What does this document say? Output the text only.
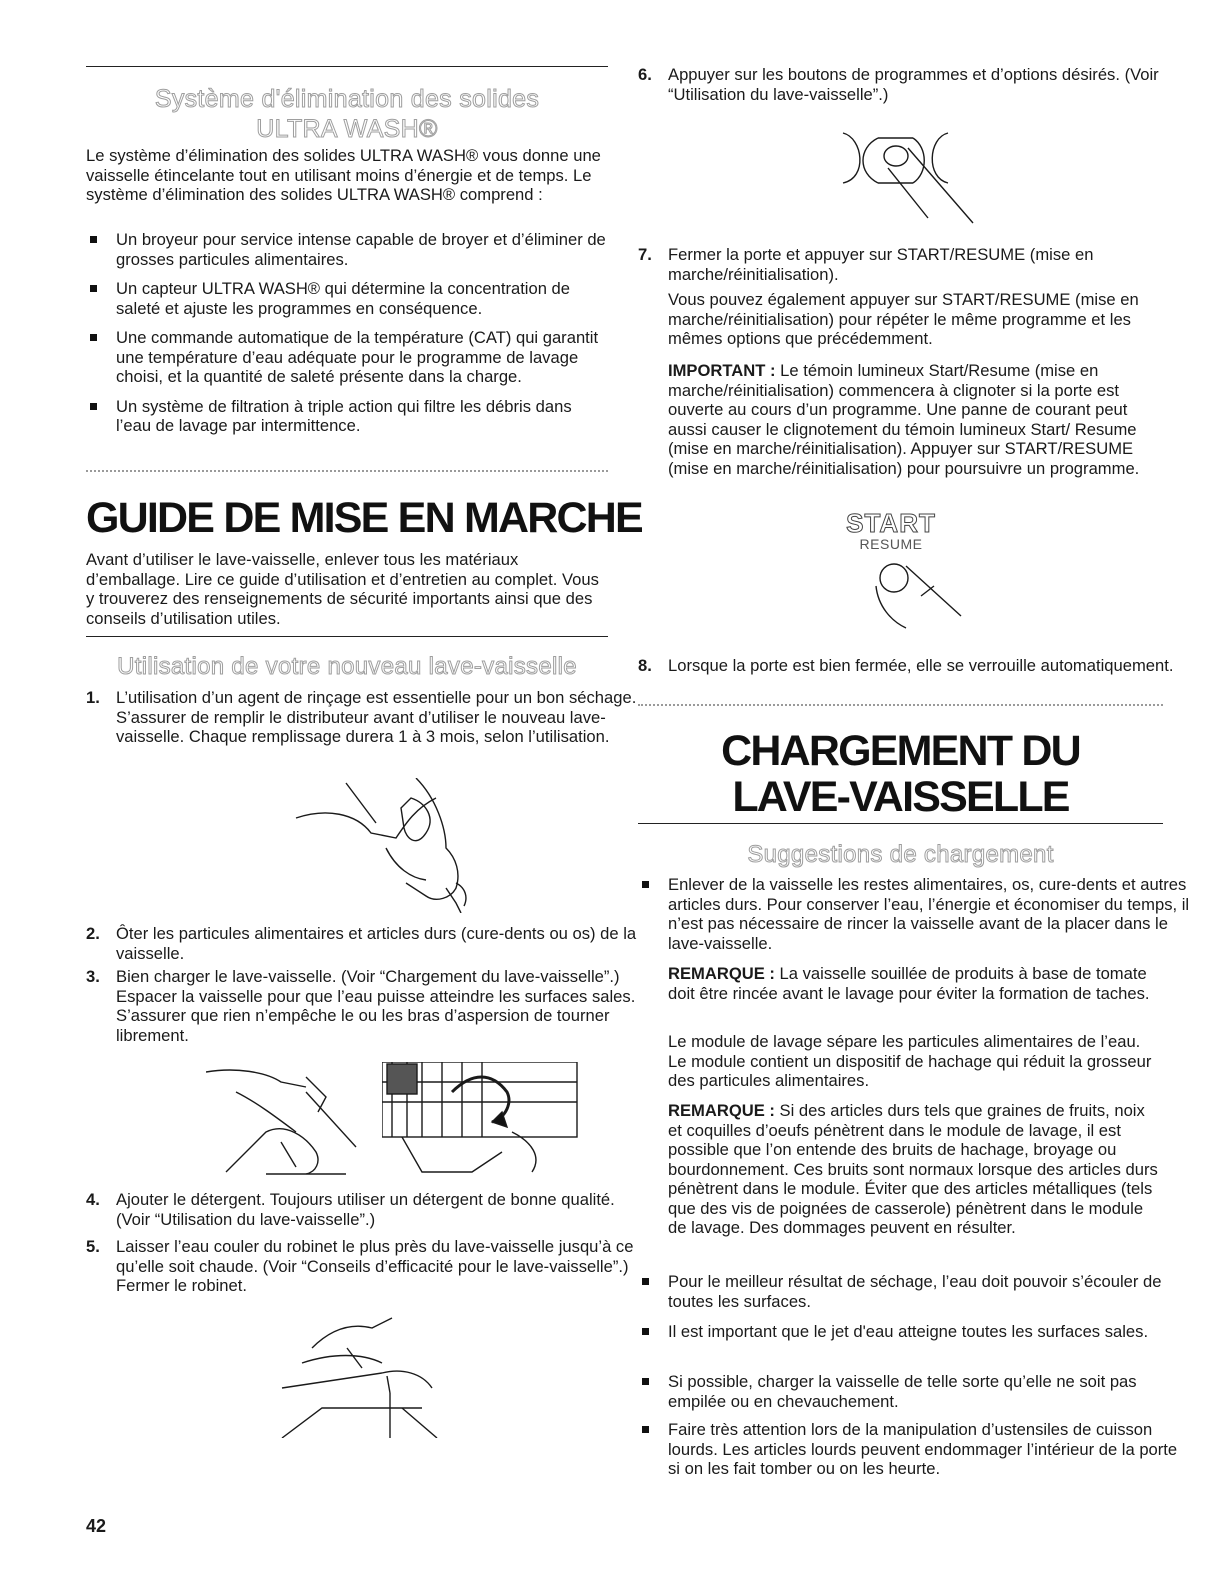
Système d'élimination des solides
ULTRA WASH®

Le système d’élimination des solides ULTRA WASH® vous donne une vaisselle étincelante tout en utilisant moins d’énergie et de temps. Le système d’élimination des solides ULTRA WASH® comprend :

Un broyeur pour service intense capable de broyer et d’éliminer de grosses particules alimentaires.
Un capteur ULTRA WASH® qui détermine la concentration de saleté et ajuste les programmes en conséquence.
Une commande automatique de la température (CAT) qui garantit une température d’eau adéquate pour le programme de lavage choisi, et la quantité de saleté présente dans la charge.
Un système de filtration à triple action qui filtre les débris dans l’eau de lavage par intermittence.
GUIDE DE MISE EN MARCHE

Avant d’utiliser le lave-vaisselle, enlever tous les matériaux d’emballage. Lire ce guide d’utilisation et d’entretien au complet. Vous y trouverez des renseignements de sécurité importants ainsi que des conseils d’utilisation utiles.

Utilisation de votre nouveau lave-vaisselle
1. L’utilisation d’un agent de rinçage est essentielle pour un bon séchage. S’assurer de remplir le distributeur avant d’utiliser le nouveau lave-vaisselle. Chaque remplissage durera 1 à 3 mois, selon l’utilisation.
2. Ôter les particules alimentaires et articles durs (cure-dents ou os) de la vaisselle.
3. Bien charger le lave-vaisselle. (Voir “Chargement du lave-vaisselle”.) Espacer la vaisselle pour que l’eau puisse atteindre les surfaces sales. S’assurer que rien n’empêche le ou les bras d’aspersion de tourner librement.
4. Ajouter le détergent. Toujours utiliser un détergent de bonne qualité. (Voir “Utilisation du lave-vaisselle”.)
5. Laisser l’eau couler du robinet le plus près du lave-vaisselle jusqu’à ce qu’elle soit chaude. (Voir “Conseils d’efficacité pour le lave-vaisselle”.) Fermer le robinet.
42
6. Appuyer sur les boutons de programmes et d’options désirés. (Voir “Utilisation du lave-vaisselle”.)
7. Fermer la porte et appuyer sur START/RESUME (mise en marche/réinitialisation).

Vous pouvez également appuyer sur START/RESUME (mise en marche/réinitialisation) pour répéter le même programme et les mêmes options que précédemment.

IMPORTANT : Le témoin lumineux Start/Resume (mise en marche/réinitialisation) commencera à clignoter si la porte est ouverte au cours d’un programme. Une panne de courant peut aussi causer le clignotement du témoin lumineux Start/ Resume (mise en marche/réinitialisation). Appuyer sur START/RESUME (mise en marche/réinitialisation) pour poursuivre un programme.

START
RESUME
8. Lorsque la porte est bien fermée, elle se verrouille automatiquement.
CHARGEMENT DU
LAVE-VAISSELLE
Suggestions de chargement
Enlever de la vaisselle les restes alimentaires, os, cure-dents et autres articles durs. Pour conserver l’eau, l’énergie et économiser du temps, il n’est pas nécessaire de rincer la vaisselle avant de la placer dans le lave-vaisselle.

REMARQUE : La vaisselle souillée de produits à base de tomate doit être rincée avant le lavage pour éviter la formation de taches.

Le module de lavage sépare les particules alimentaires de l’eau. Le module contient un dispositif de hachage qui réduit la grosseur des particules alimentaires.

REMARQUE : Si des articles durs tels que graines de fruits, noix et coquilles d’oeufs pénètrent dans le module de lavage, il est possible que l’on entende des bruits de hachage, broyage ou bourdonnement. Ces bruits sont normaux lorsque des articles durs pénètrent dans le module. Éviter que des articles métalliques (tels que des vis de poignées de casserole) pénètrent dans le module de lavage. Des dommages peuvent en résulter.

Pour le meilleur résultat de séchage, l’eau doit pouvoir s’écouler de toutes les surfaces.
Il est important que le jet d'eau atteigne toutes les surfaces sales.
Si possible, charger la vaisselle de telle sorte qu’elle ne soit pas empilée ou en chevauchement.
Faire très attention lors de la manipulation d’ustensiles de cuisson lourds. Les articles lourds peuvent endommager l’intérieur de la porte si on les fait tomber ou on les heurte.
